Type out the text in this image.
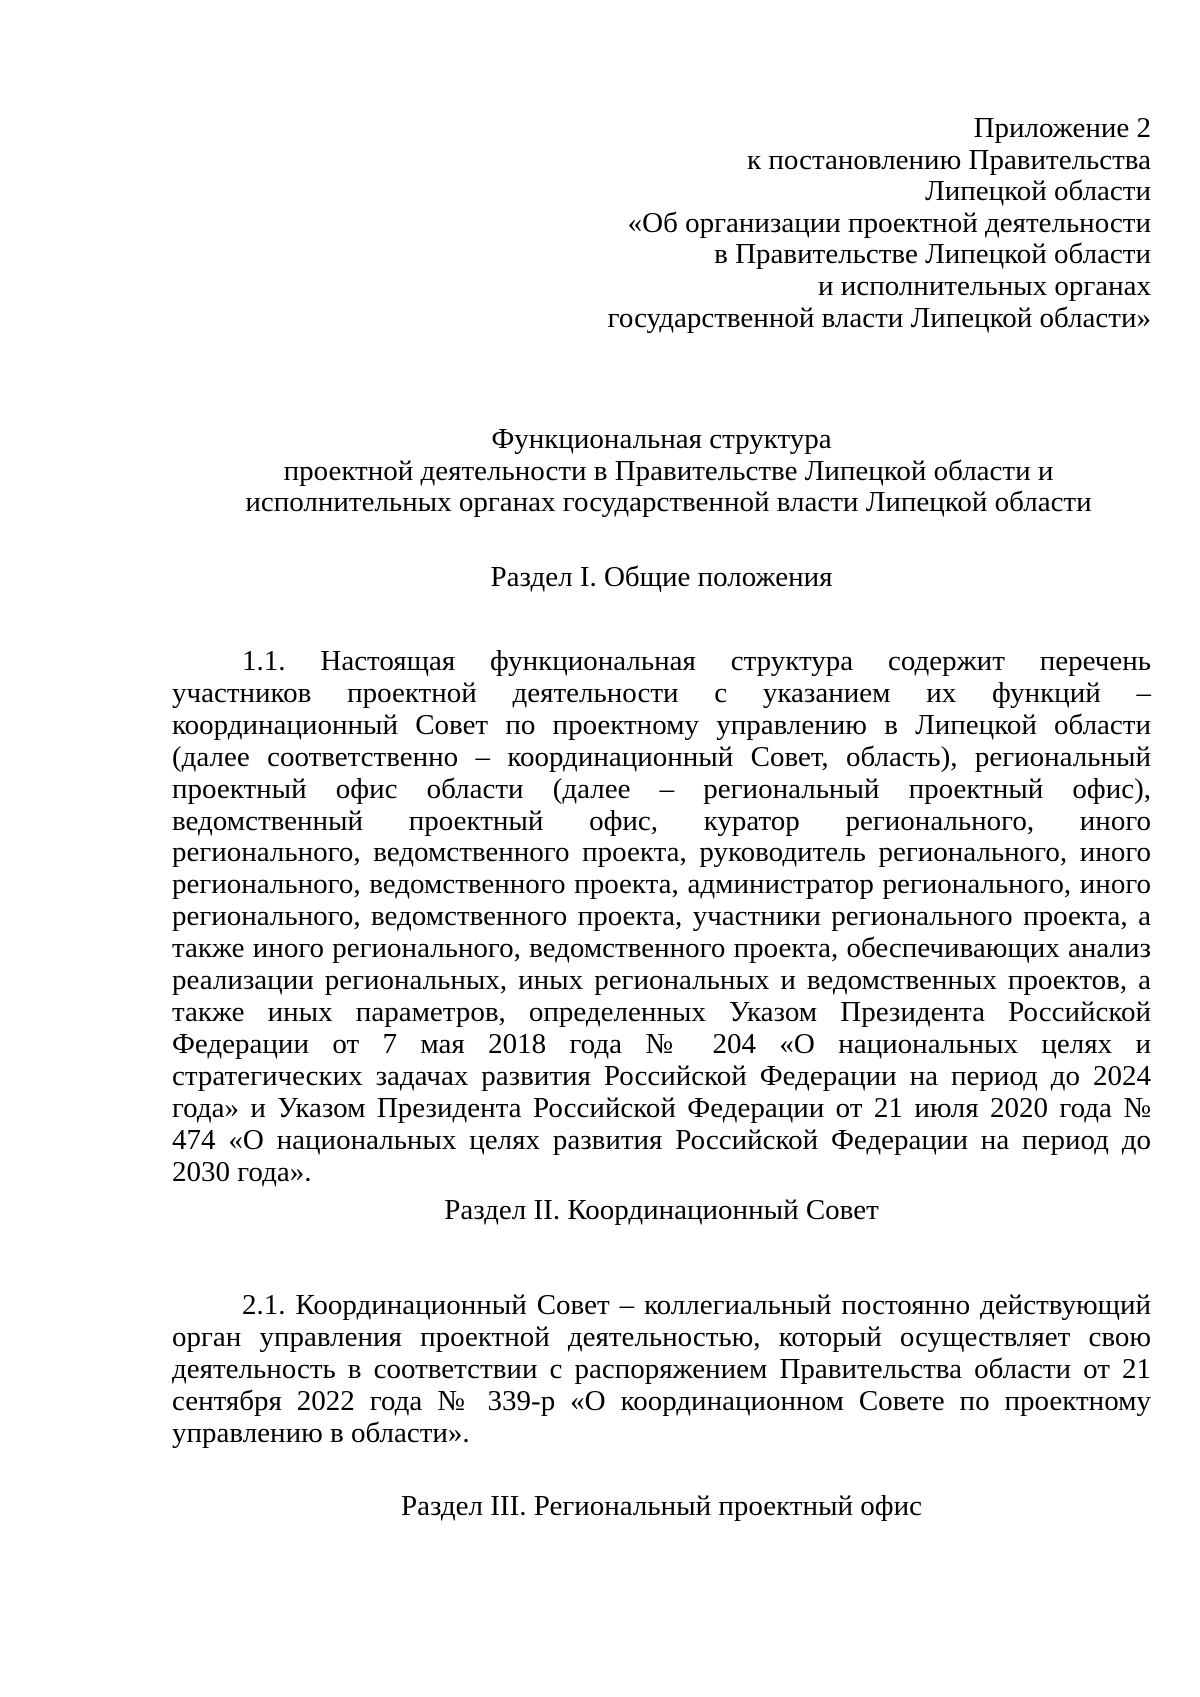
Приложение 2
к постановлению Правительства
Липецкой области
«Об организации проектной деятельности
в Правительстве Липецкой области
и исполнительных органах
государственной власти Липецкой области»
Функциональная структура
проектной деятельности в Правительстве Липецкой области и
исполнительных органах государственной власти Липецкой области
Раздел I. Общие положения

1.1. Настоящая функциональная структура содержит перечень участников проектной деятельности с указанием их функций – координационный Совет по проектному управлению в Липецкой области (далее соответственно – координационный Совет, область), региональный проектный офис области (далее – региональный проектный офис), ведомственный проектный офис, куратор регионального, иного регионального, ведомственного проекта, руководитель регионального, иного регионального, ведомственного проекта, администратор регионального, иного регионального, ведомственного проекта, участники регионального проекта, а также иного регионального, ведомственного проекта, обеспечивающих анализ реализации региональных, иных региональных и ведомственных проектов, а также иных параметров, определенных Указом Президента Российской Федерации от 7 мая 2018 года № 204 «О национальных целях и стратегических задачах развития Российской Федерации на период до 2024 года» и Указом Президента Российской Федерации от 21 июля 2020 года № 474 «О национальных целях развития Российской Федерации на период до 2030 года».

Раздел II. Координационный Совет

2.1. Координационный Совет – коллегиальный постоянно действующий орган управления проектной деятельностью, который осуществляет свою деятельность в соответствии с распоряжением Правительства области от 21 сентября 2022 года № 339-р «О координационном Совете по проектному управлению в области».

Раздел III. Региональный проектный офис
